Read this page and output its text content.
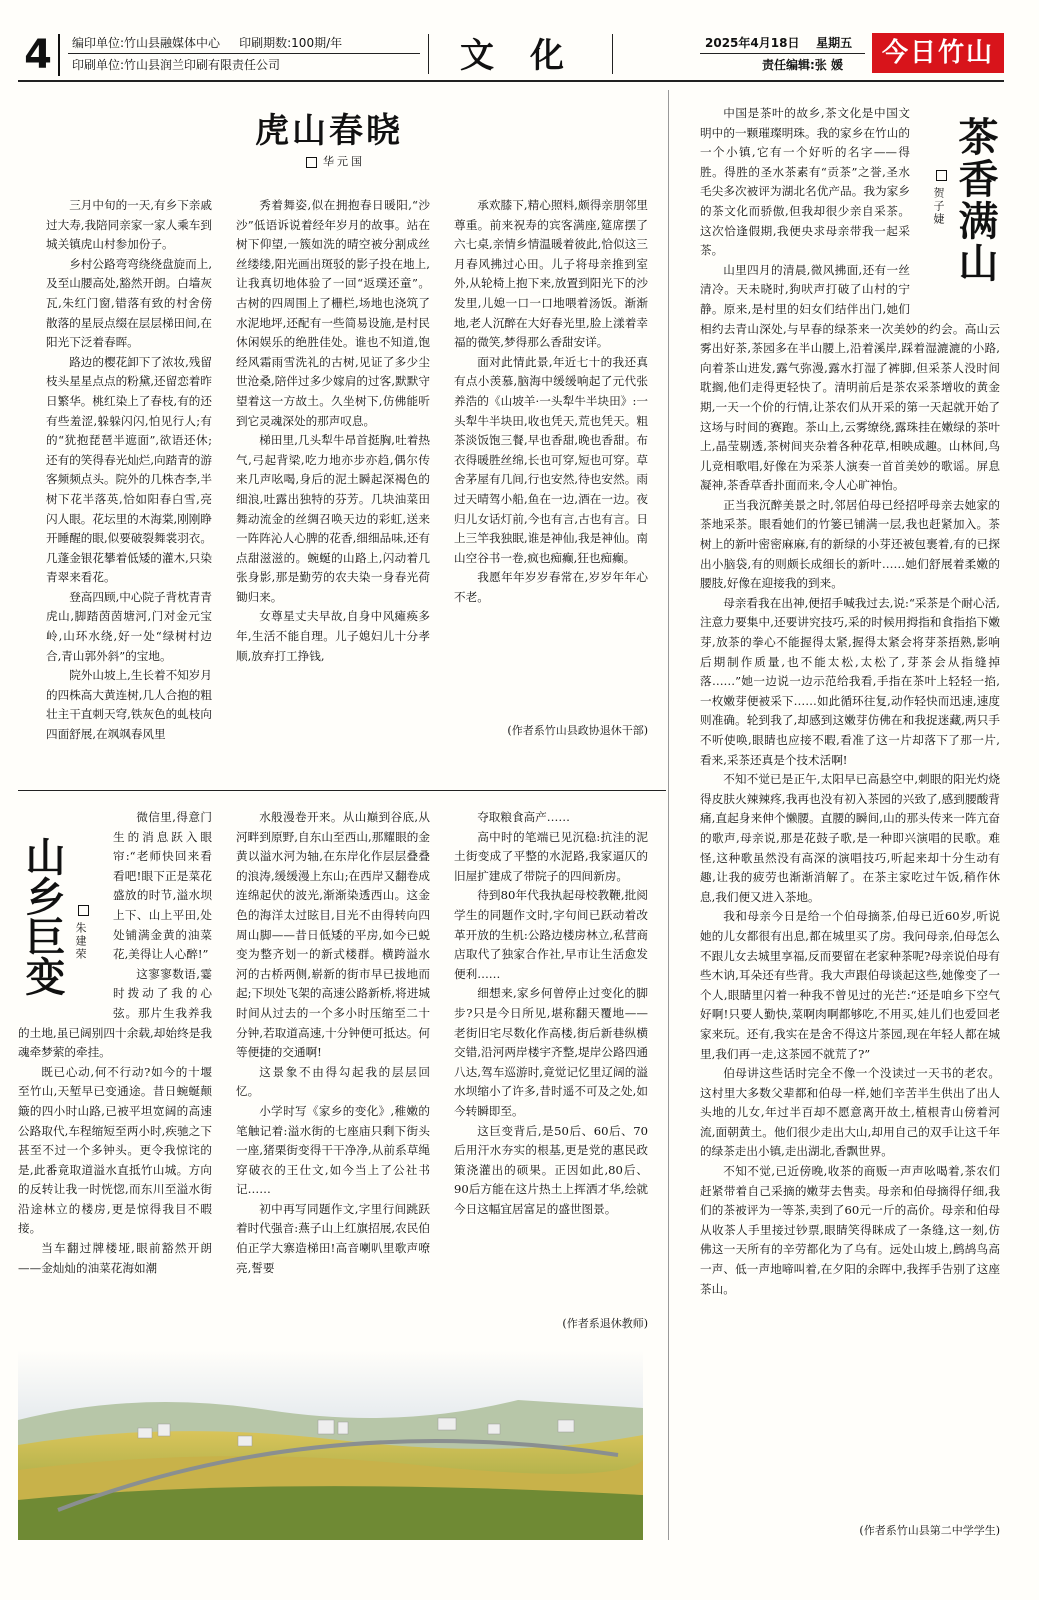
4	编印单位:竹山县融媒体中心 印刷期数:100期/年
印刷单位:竹山县润兰印刷有限责任公司	文化	2025年4月18日 星期五
责任编辑:张 媛	今日竹山
虎山春晓
华元国

三月中旬的一天,有乡下亲戚过大寿,我陪同亲家一家人乘车到城关镇虎山村参加份子。

乡村公路弯弯绕绕盘旋而上,及至山腰高处,豁然开朗。白墙灰瓦,朱红门窗,错落有致的村舍傍散落的星辰点缀在层层梯田间,在阳光下泛着春晖。

路边的樱花卸下了浓妆,残留枝头星星点点的粉黛,还留恋着昨日繁华。桃红染上了春枝,有的还有些羞涩,躲躲闪闪,怕见行人;有的“犹抱琵琶半遮面”,欲语还休;还有的笑得春光灿烂,向踏青的游客频频点头。院外的几株杏李,半树下花半落英,恰如阳春白雪,亮闪人眼。花坛里的木海棠,刚刚睁开睡醒的眼,似要破裂舞裳羽衣。几蓬金银花攀着低矮的灌木,只染青翠来看花。

登高四顾,中心院子背枕青青虎山,脚踏茵茵塘河,门对金元宝岭,山环水绕,好一处“绿树村边合,青山郭外斜”的宝地。

院外山坡上,生长着不知岁月的四株高大黄连树,几人合抱的粗壮主干直刺天穹,铁灰色的虬枝向四面舒展,在飒飒春风里

秀着舞姿,似在拥抱春日暖阳,“沙沙”低语诉说着经年岁月的故事。站在树下仰望,一簇如洗的晴空被分割成丝丝缕缕,阳光画出斑驳的影子投在地上,让我真切地体验了一回“返璞还童”。古树的四周围上了栅栏,场地也浇筑了水泥地坪,还配有一些简易设施,是村民休闲娱乐的绝胜佳处。谁也不知道,饱经风霜雨雪洗礼的古树,见证了多少尘世沧桑,陪伴过多少嫁肩的过客,默默守望着这一方故土。久坐树下,仿佛能听到它灵魂深处的那声叹息。

梯田里,几头犁牛昂首挺胸,吐着热气,弓起背梁,吃力地亦步亦趋,偶尔传来几声吆喝,身后的泥土瞬起深褐色的细浪,吐露出独特的芬芳。几块油菜田舞动流金的丝绸召唤天边的彩虹,送来一阵阵沁人心脾的花香,细细品味,还有点甜滋滋的。蜿蜒的山路上,闪动着几张身影,那是勤劳的农夫染一身春光荷锄归来。

女尊星丈夫早故,自身中风瘫痪多年,生活不能自理。儿子媳妇儿十分孝顺,放弃打工挣钱,

承欢膝下,精心照料,颇得亲朋邻里尊重。前来祝寿的宾客满座,筵席摆了六七桌,亲情乡情温暖着彼此,恰似这三月春风拂过心田。儿子将母亲推到室外,从轮椅上抱下来,放置到阳光下的沙发里,儿媳一口一口地喂着汤饭。渐渐地,老人沉醉在大好春光里,脸上漾着幸福的微笑,梦得那么香甜安详。

面对此情此景,年近七十的我还真有点小羡慕,脑海中缓缓响起了元代张养浩的《山坡羊·一头犁牛半块田》:一头犁牛半块田,收也凭天,荒也凭天。粗茶淡饭饱三餐,早也香甜,晚也香甜。布衣得暖胜丝绵,长也可穿,短也可穿。草舍茅屋有几间,行也安然,待也安然。雨过天晴驾小船,鱼在一边,酒在一边。夜归儿女话灯前,今也有言,古也有言。日上三竿我独眠,谁是神仙,我是神仙。南山空谷书一卷,疯也痴癫,狂也痴癫。

我愿年年岁岁春常在,岁岁年年心不老。

(作者系竹山县政协退休干部)
山乡巨变 朱建荣

微信里,得意门生的消息跃入眼帘:“老师快回来看看吧!眼下正是菜花盛放的时节,溢水坝上下、山上平田,处处铺满金黄的油菜花,美得让人心醉!”

这寥寥数语,霎时拨动了我的心弦。那片生我养我的土地,虽已阔别四十余载,却始终是我魂牵梦萦的牵挂。

既已心动,何不行动?如今的十堰至竹山,天堑早已变通途。昔日蜿蜒颠簸的四小时山路,已被平坦宽阔的高速公路取代,车程缩短至两小时,疾驰之下甚至不过一个多钟头。更令我惊诧的是,此番竟取道溢水直抵竹山城。方向的反转让我一时恍惚,而东川至溢水街沿途林立的楼房,更是惊得我目不暇接。

当车翻过牌楼垭,眼前豁然开朗——金灿灿的油菜花海如潮

水般漫卷开来。从山巅到谷底,从河畔到原野,自东山至西山,那耀眼的金黄以溢水河为轴,在东岸化作层层叠叠的浪涛,缓缓漫上东山;在西岸又翻卷成连绵起伏的波光,渐渐染透西山。这金色的海洋太过眩目,目光不由得转向四周山脚——昔日低矮的平房,如今已蜕变为整齐划一的新式楼群。横跨溢水河的古桥两侧,崭新的街市早已拔地而起;下坝处飞架的高速公路新桥,将进城时间从过去的一个多小时压缩至二十分钟,若取道高速,十分钟便可抵达。何等便捷的交通啊!

这景象不由得勾起我的层层回忆。

小学时写《家乡的变化》,稚嫩的笔触记着:溢水街的七座庙只剩下街头一座,猪栗街变得干干净净,从前系草绳穿破衣的王仕文,如今当上了公社书记……

初中再写同题作文,字里行间跳跃着时代强音:燕子山上红旗招展,农民伯伯正学大寨造梯田!高音喇叭里歌声嘹亮,誓要

夺取粮食高产……

高中时的笔端已见沉稳:抗洼的泥土街变成了平整的水泥路,我家逼仄的旧屋扩建成了带院子的四间新房。

待到80年代我执起母校教鞭,批阅学生的同题作文时,字句间已跃动着改革开放的生机:公路边楼房林立,私营商店取代了独家合作社,早市让生活愈发便利……

细想来,家乡何曾停止过变化的脚步?只是今日所见,堪称翻天覆地——老街旧宅尽数化作高楼,街后新巷纵横交错,沿河两岸楼宇齐整,堤岸公路四通八达,驾车巡游时,竟觉记忆里辽阔的溢水坝缩小了许多,昔时遥不可及之处,如今转瞬即至。

这巨变背后,是50后、60后、70后用汗水夯实的根基,更是党的惠民政策浇灌出的硕果。正因如此,80后、90后方能在这片热土上挥洒才华,绘就今日这幅宜居富足的盛世图景。

(作者系退休教师)
茶香满山
贺子婕

中国是茶叶的故乡,茶文化是中国文明中的一颗璀璨明珠。我的家乡在竹山的一个小镇,它有一个好听的名字——得胜。得胜的圣水茶素有“贡茶”之誉,圣水毛尖多次被评为湖北名优产品。我为家乡的茶文化而骄傲,但我却很少亲自采茶。这次恰逢假期,我便央求母亲带我一起采茶。

山里四月的清晨,微风拂面,还有一丝清冷。天未晓时,狗吠声打破了山村的宁静。原来,是村里的妇女们结伴出门,她们相约去青山深处,与早春的绿茶来一次美妙的约会。高山云雾出好茶,茶园多在半山腰上,沿着溪岸,踩着湿漉漉的小路,向着茶山进发,露气弥漫,露水打湿了裤脚,但采茶人没时间耽搁,他们走得更轻快了。清明前后是茶农采茶增收的黄金期,一天一个价的行情,让茶农们从开采的第一天起就开始了这场与时间的赛跑。茶山上,云雾缭绕,露珠挂在嫩绿的茶叶上,晶莹剔透,茶树间夹杂着各种花草,相映成趣。山林间,鸟儿竞相歌唱,好像在为采茶人演奏一首首美妙的歌谣。屏息凝神,茶香草香扑面而来,令人心旷神怡。

正当我沉醉美景之时,邻居伯母已经招呼母亲去她家的茶地采茶。眼看她们的竹篓已铺满一层,我也赶紧加入。茶树上的新叶密密麻麻,有的新绿的小芽还被包裹着,有的已探出小脑袋,有的则颇长成细长的新叶……她们舒展着柔嫩的腰肢,好像在迎接我的到来。

母亲看我在出神,便招手喊我过去,说:“采茶是个耐心活,注意力要集中,还要讲究技巧,采的时候用拇指和食指掐下嫩芽,放茶的拳心不能握得太紧,握得太紧会将芽茶捂熟,影响后期制作质量,也不能太松,太松了,芽茶会从指缝掉落……”她一边说一边示范给我看,手指在茶叶上轻轻一掐,一枚嫩芽便被采下……如此循环往复,动作轻快而迅速,速度则准确。轮到我了,却感到这嫩芽仿佛在和我捉迷藏,两只手不听使唤,眼睛也应接不暇,看准了这一片却落下了那一片,看来,采茶还真是个技术活啊!

不知不觉已是正午,太阳早已高悬空中,刺眼的阳光灼烧得皮肤火辣辣疼,我再也没有初入茶园的兴致了,感到腰酸背痛,直起身来伸个懒腰。直腰的瞬间,山的那头传来一阵亢奋的歌声,母亲说,那是花鼓子歌,是一种即兴演唱的民歌。难怪,这种歌虽然没有高深的演唱技巧,听起来却十分生动有趣,让我的疲劳也渐渐消解了。在茶主家吃过午饭,稍作休息,我们便又进入茶地。

我和母亲今日是给一个伯母摘茶,伯母已近60岁,听说她的儿女都很有出息,都在城里买了房。我问母亲,伯母怎么不跟儿女去城里享福,反而要留在老家种茶呢?母亲说伯母有些木讷,耳朵还有些背。我大声跟伯母谈起这些,她像变了一个人,眼睛里闪着一种我不曾见过的光芒:“还是咱乡下空气好啊!只要人勤快,菜啊肉啊都够吃,不用买,娃儿们也爱回老家来玩。还有,我实在是舍不得这片茶园,现在年轻人都在城里,我们再一走,这茶园不就荒了?”

伯母讲这些话时完全不像一个没读过一天书的老农。这村里大多数父辈都和伯母一样,她们辛苦半生供出了出人头地的儿女,年过半百却不愿意离开故土,植根青山傍着河流,面朝黄土。他们很少走出大山,却用自己的双手让这千年的绿茶走出小镇,走出湖北,香飘世界。

不知不觉,已近傍晚,收茶的商贩一声声吆喝着,茶农们赶紧带着自己采摘的嫩芽去售卖。母亲和伯母摘得仔细,我们的茶被评为一等茶,卖到了60元一斤的高价。母亲和伯母从收茶人手里接过钞票,眼睛笑得眯成了一条缝,这一刻,仿佛这一天所有的辛劳都化为了乌有。远处山坡上,鹧鸪鸟高一声、低一声地啼叫着,在夕阳的余晖中,我挥手告别了这座茶山。

(作者系竹山县第二中学学生)
